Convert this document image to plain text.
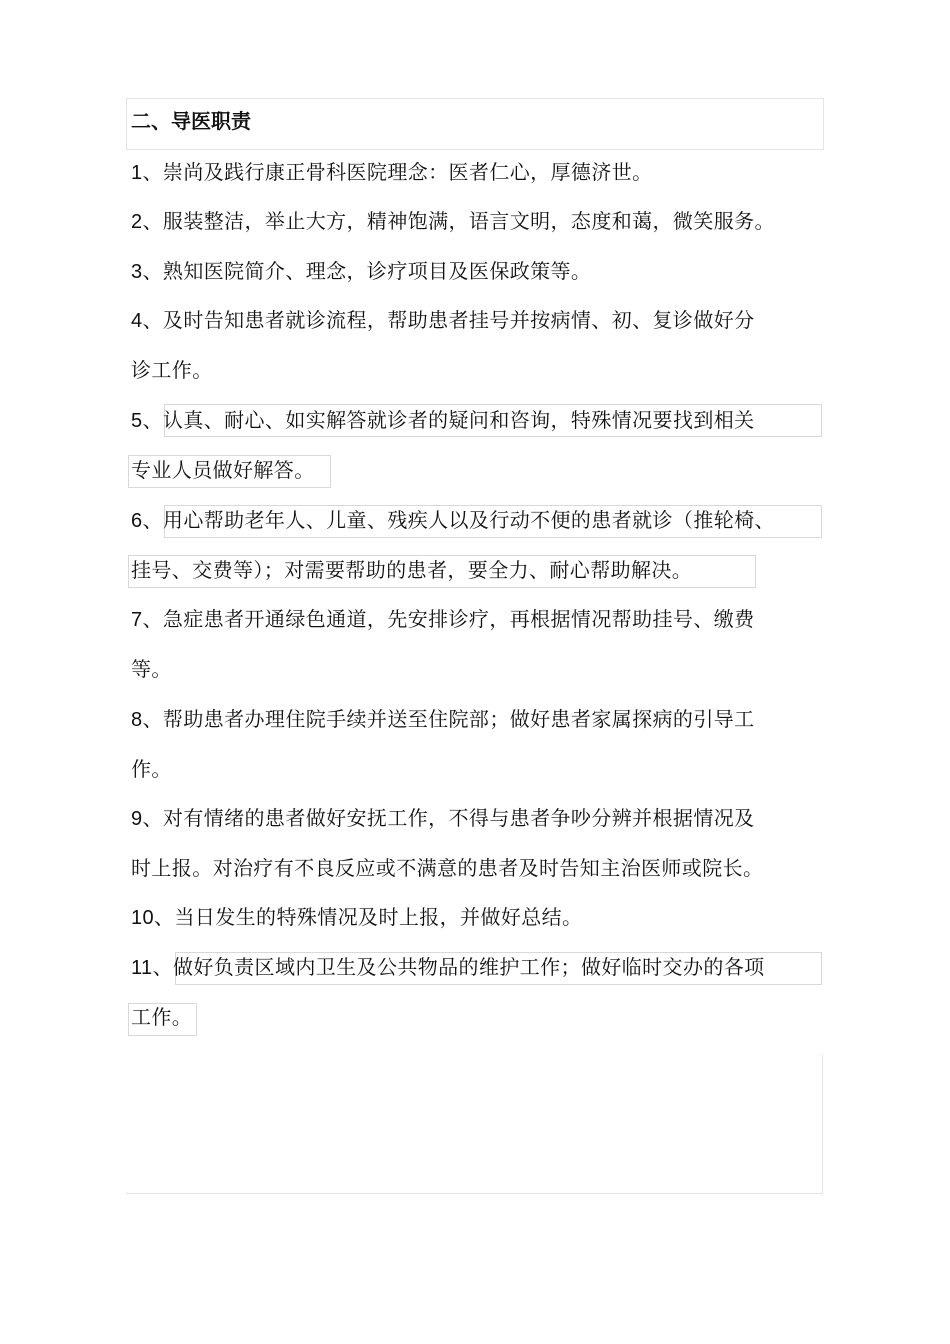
二、导医职责
1、崇尚及践行康正骨科医院理念：医者仁心，厚德济世。
2、服装整洁，举止大方，精神饱满，语言文明，态度和蔼，微笑服务。
3、熟知医院简介、理念，诊疗项目及医保政策等。
4、及时告知患者就诊流程，帮助患者挂号并按病情、初、复诊做好分
诊工作。
5、认真、耐心、如实解答就诊者的疑问和咨询，特殊情况要找到相关
专业人员做好解答。
6、用心帮助老年人、儿童、残疾人以及行动不便的患者就诊（推轮椅、
挂号、交费等）；对需要帮助的患者，要全力、耐心帮助解决。
7、急症患者开通绿色通道，先安排诊疗，再根据情况帮助挂号、缴费
等。
8、帮助患者办理住院手续并送至住院部；做好患者家属探病的引导工
作。
9、对有情绪的患者做好安抚工作，不得与患者争吵分辨并根据情况及
时上报。对治疗有不良反应或不满意的患者及时告知主治医师或院长。
10、当日发生的特殊情况及时上报，并做好总结。
11、做好负责区域内卫生及公共物品的维护工作；做好临时交办的各项
工作。
